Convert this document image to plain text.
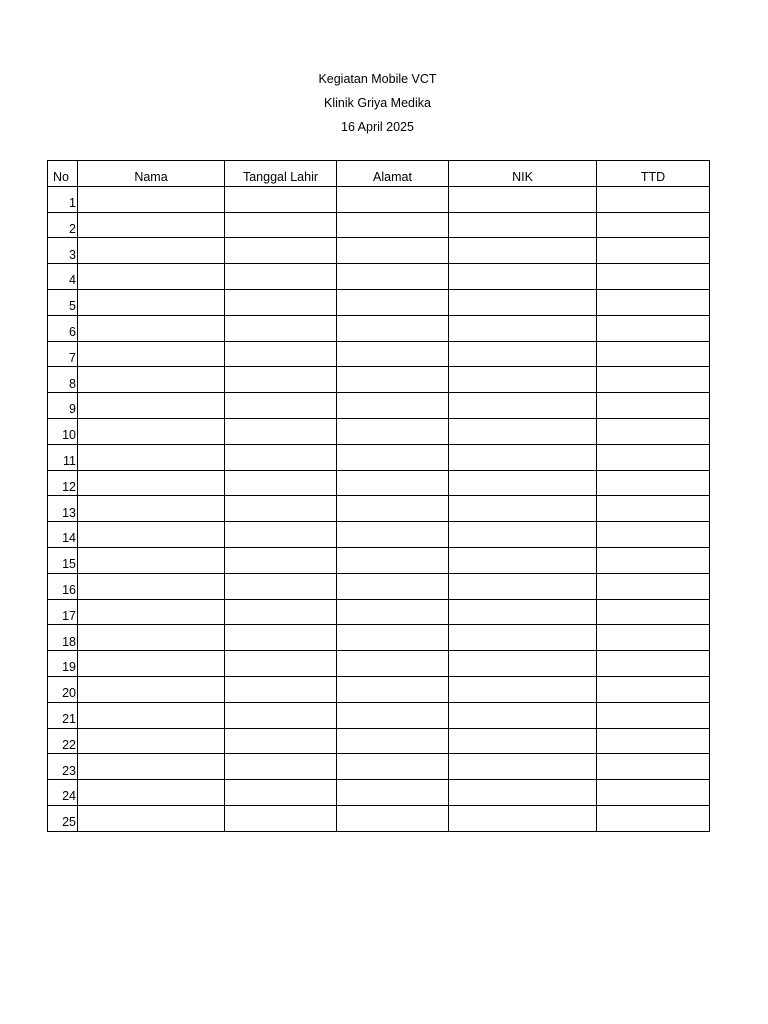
Kegiatan Mobile VCT
Klinik Griya Medika
16 April 2025
No	Nama	Tanggal Lahir	Alamat	NIK	TTD
1					
2					
3					
4					
5					
6					
7					
8					
9					
10					
11					
12					
13					
14					
15					
16					
17					
18					
19					
20					
21					
22					
23					
24					
25					
